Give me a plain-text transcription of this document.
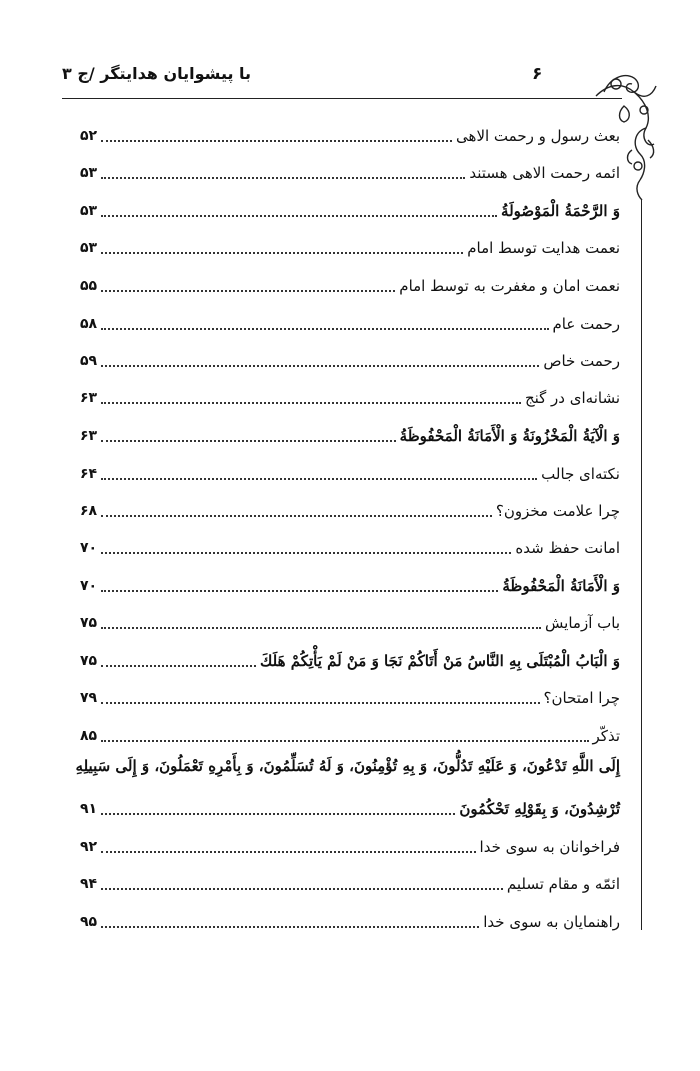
با پیشوایان هدایتگر /ج ۳	۶
بعث رسول و رحمت الاهی
۵۲
ائمه رحمت الاهی هستند
۵۳
وَ الرَّحْمَةُ الْمَوْصُولَةُ
۵۳
نعمت هدایت توسط امام
۵۳
نعمت امان و مغفرت به توسط امام
۵۵
رحمت عام
۵۸
رحمت خاص
۵۹
نشانه‌ای در گنج
۶۳
وَ الْآيَةُ الْمَخْزُونَةُ وَ الْأَمَانَةُ الْمَحْفُوظَةُ
۶۳
نکته‌ای جالب
۶۴
چرا علامت مخزون؟
۶۸
امانت حفظ شده
۷۰
وَ الْأَمَانَةُ الْمَحْفُوظَةُ
۷۰
باب آزمایش
۷۵
وَ الْبَابُ الْمُبْتَلَى بِهِ النَّاسُ مَنْ أَتَاكُمْ نَجَا وَ مَنْ لَمْ يَأْتِكُمْ هَلَكَ
۷۵
چرا امتحان؟
۷۹
تذکّر
۸۵
إِلَى اللَّهِ تَدْعُونَ، وَ عَلَيْهِ تَدُلُّونَ، وَ بِهِ تُؤْمِنُونَ، وَ لَهُ تُسَلِّمُونَ، وَ بِأَمْرِهِ تَعْمَلُونَ، وَ إِلَى سَبِيلِهِ
تُرْشِدُونَ، وَ بِقَوْلِهِ تَحْكُمُونَ
۹۱
فراخوانان به سوی خدا
۹۲
ائمّه و مقام تسلیم
۹۴
راهنمایان به سوی خدا
۹۵
